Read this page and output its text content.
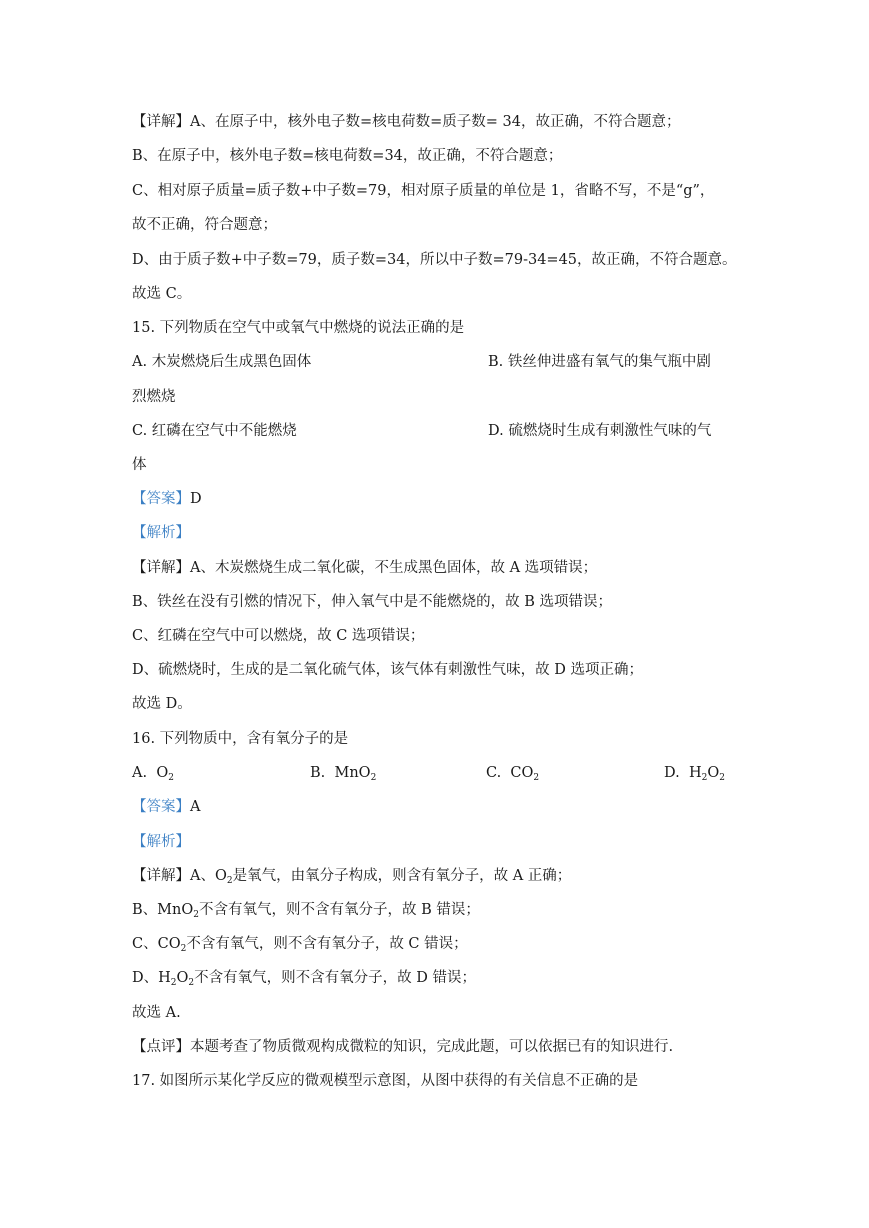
【详解】A、在原子中，核外电子数=核电荷数=质子数= 34，故正确，不符合题意；
B、在原子中，核外电子数=核电荷数=34，故正确，不符合题意；
C、相对原子质量=质子数+中子数=79，相对原子质量的单位是 1，省略不写，不是“g”，
故不正确，符合题意；
D、由于质子数+中子数=79，质子数=34，所以中子数=79-34=45，故正确，不符合题意。
故选 C。
15. 下列物质在空气中或氧气中燃烧的说法正确的是
A. 木炭燃烧后生成黑色固体	B. 铁丝伸进盛有氧气的集气瓶中剧
烈燃烧
C. 红磷在空气中不能燃烧	D. 硫燃烧时生成有刺激性气味的气
体
【答案】D
【解析】
【详解】A、木炭燃烧生成二氧化碳，不生成黑色固体，故 A 选项错误；
B、铁丝在没有引燃的情况下，伸入氧气中是不能燃烧的，故 B 选项错误；
C、红磷在空气中可以燃烧，故 C 选项错误；
D、硫燃烧时，生成的是二氧化硫气体，该气体有刺激性气味，故 D 选项正确；
故选 D。
16. 下列物质中，含有氧分子的是
A. $O_2$	B. MnO$_2$	C. $CO_2$	D. $H_2O_2$
【答案】A
【解析】
【详解】A、$O_2$是氧气，由氧分子构成，则含有氧分子，故 A 正确；
B、MnO$_2$不含有氧气，则不含有氧分子，故 B 错误；
C、$CO_2$不含有氧气，则不含有氧分子，故 C 错误；
D、$H_2O_2$不含有氧气，则不含有氧分子，故 D 错误；
故选 A.
【点评】本题考查了物质微观构成微粒的知识，完成此题，可以依据已有的知识进行.
17. 如图所示某化学反应的微观模型示意图，从图中获得的有关信息不正确的是
